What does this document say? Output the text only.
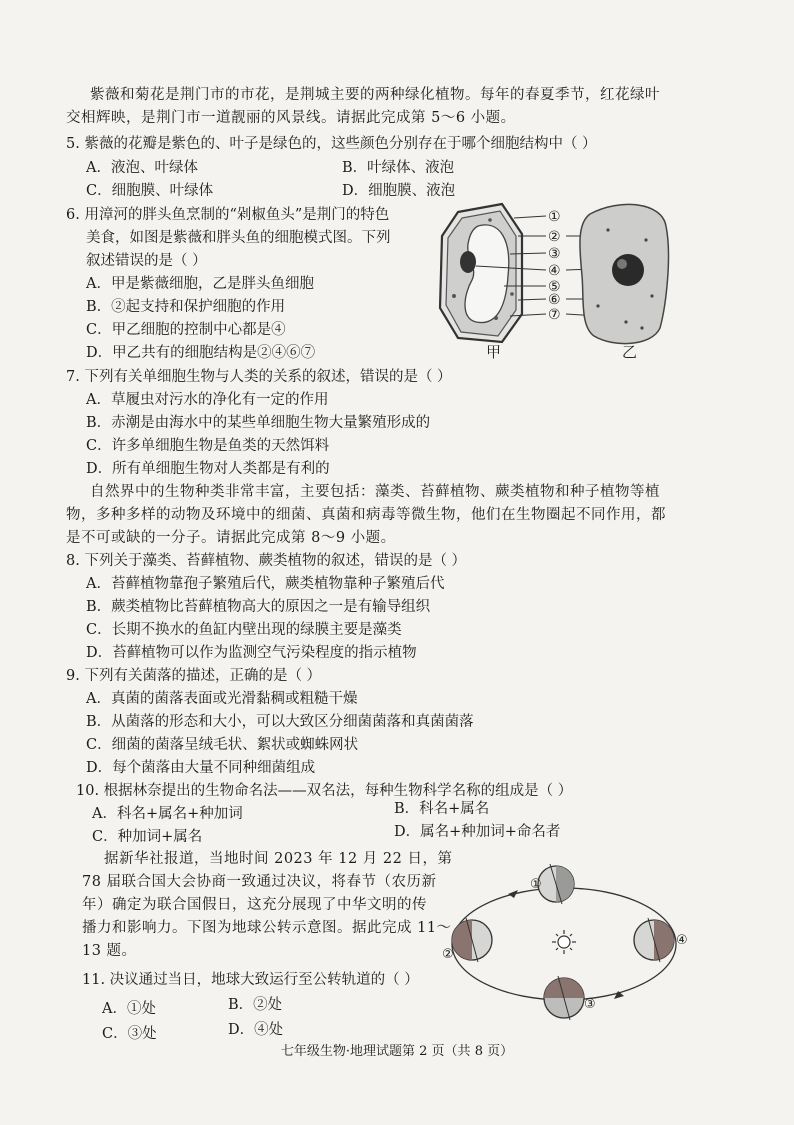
紫薇和菊花是荆门市的市花，是荆城主要的两种绿化植物。每年的春夏季节，红花绿叶
交相辉映，是荆门市一道靓丽的风景线。请据此完成第 5～6 小题。
5. 紫薇的花瓣是紫色的、叶子是绿色的，这些颜色分别存在于哪个细胞结构中（ ）
A．液泡、叶绿体	B．叶绿体、液泡
C．细胞膜、叶绿体	D．细胞膜、液泡
6. 用漳河的胖头鱼烹制的“剁椒鱼头”是荆门的特色
美食，如图是紫薇和胖头鱼的细胞模式图。下列
叙述错误的是（ ）
A．甲是紫薇细胞，乙是胖头鱼细胞
B．②起支持和保护细胞的作用
C．甲乙细胞的控制中心都是④
D．甲乙共有的细胞结构是②④⑥⑦
①
②
③
④
⑤
⑥
⑦
甲	乙
7. 下列有关单细胞生物与人类的关系的叙述，错误的是（ ）
A．草履虫对污水的净化有一定的作用
B．赤潮是由海水中的某些单细胞生物大量繁殖形成的
C．许多单细胞生物是鱼类的天然饵料
D．所有单细胞生物对人类都是有利的
自然界中的生物种类非常丰富，主要包括：藻类、苔藓植物、蕨类植物和种子植物等植
物，多种多样的动物及环境中的细菌、真菌和病毒等微生物，他们在生物圈起不同作用，都
是不可或缺的一分子。请据此完成第 8～9 小题。
8. 下列关于藻类、苔藓植物、蕨类植物的叙述，错误的是（ ）
A．苔藓植物靠孢子繁殖后代，蕨类植物靠种子繁殖后代
B．蕨类植物比苔藓植物高大的原因之一是有输导组织
C．长期不换水的鱼缸内壁出现的绿膜主要是藻类
D．苔藓植物可以作为监测空气污染程度的指示植物
9. 下列有关菌落的描述，正确的是（ ）
A．真菌的菌落表面或光滑黏稠或粗糙干燥
B．从菌落的形态和大小，可以大致区分细菌菌落和真菌菌落
C．细菌的菌落呈绒毛状、絮状或蜘蛛网状
D．每个菌落由大量不同种细菌组成
10. 根据林奈提出的生物命名法——双名法，每种生物科学名称的组成是（ ）
A．科名+属名+种加词	B．科名+属名
C．种加词+属名	D．属名+种加词+命名者
据新华社报道，当地时间 2023 年 12 月 22 日，第
78 届联合国大会协商一致通过决议，将春节（农历新
年）确定为联合国假日，这充分展现了中华文明的传
播力和影响力。下图为地球公转示意图。据此完成 11～
13 题。
11. 决议通过当日，地球大致运行至公转轨道的（ ）
A．①处	B．②处
C．③处	D．④处
①
②
③
④
七年级生物·地理试题第 2 页（共 8 页）
